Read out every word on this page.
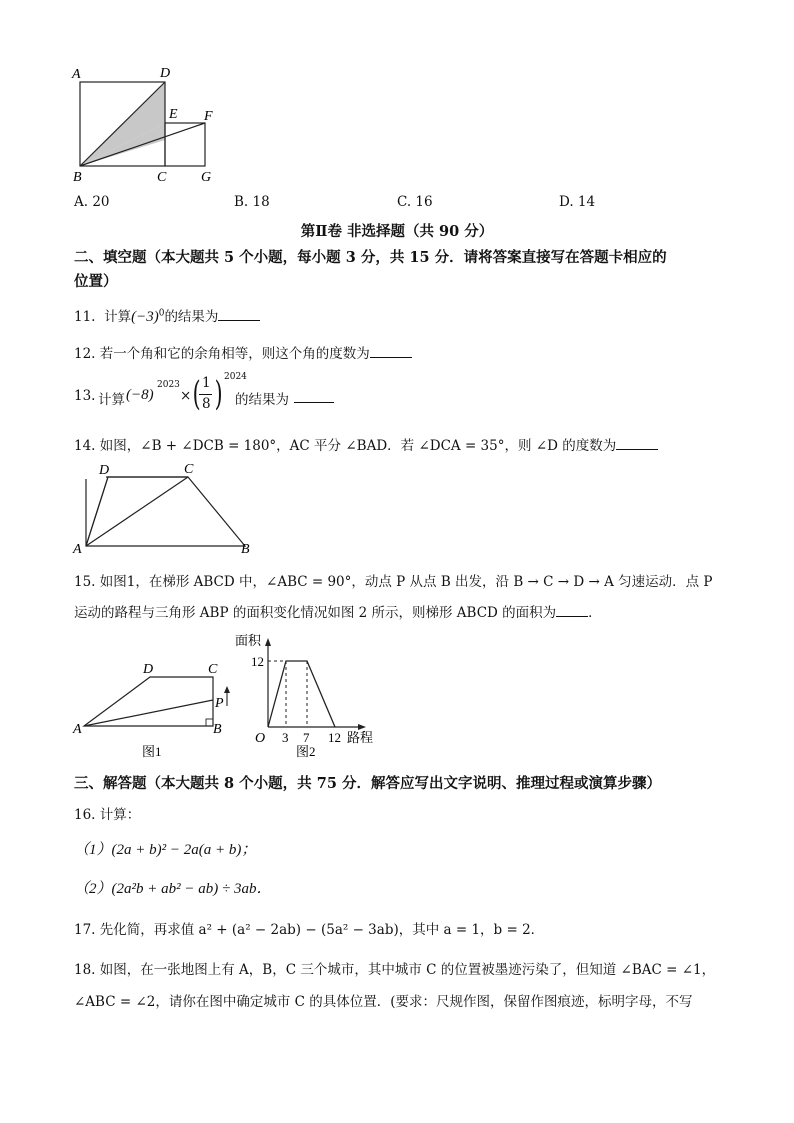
A	D
E F
B	C G
A. 20	B. 18	C. 16	D. 14
第Ⅱ卷 非选择题（共 90 分）
二、填空题（本大题共 5 个小题，每小题 3 分，共 15 分．请将答案直接写在答题卡相应的
位置）
11. 计算$(-3)^0$的结果为
12. 若一个角和它的余角相等，则这个角的度数为
13. 计算 (−8)
2023
× ( 1
8 ) 2024
的结果为
14. 如图，∠B + ∠DCB = 180°，AC 平分 ∠BAD．若 ∠DCA = 35°，则 ∠D 的度数为
D	C
A	B
15. 如图1，在梯形 ABCD 中，∠ABC = 90°，动点 P 从点 B 出发，沿 B → C → D → A 匀速运动．点 P
运动的路程与三角形 ABP 的面积变化情况如图 2 所示，则梯形 ABCD 的面积为 ．
D	C
P
A	B
图1
面积
12
O 3 7 12 路程
图2
三、解答题（本大题共 8 个小题，共 75 分．解答应写出文字说明、推理过程或演算步骤）
16. 计算：
（1）(2a + b)² − 2a(a + b)；
（2）(2a²b + ab² − ab) ÷ 3ab．
17. 先化简，再求值 a² + (a² − 2ab) − (5a² − 3ab)，其中 a = 1，b = 2．
18. 如图，在一张地图上有 A，B，C 三个城市，其中城市 C 的位置被墨迹污染了，但知道 ∠BAC = ∠1，
∠ABC = ∠2，请你在图中确定城市 C 的具体位置．(要求：尺规作图，保留作图痕迹，标明字母，不写
